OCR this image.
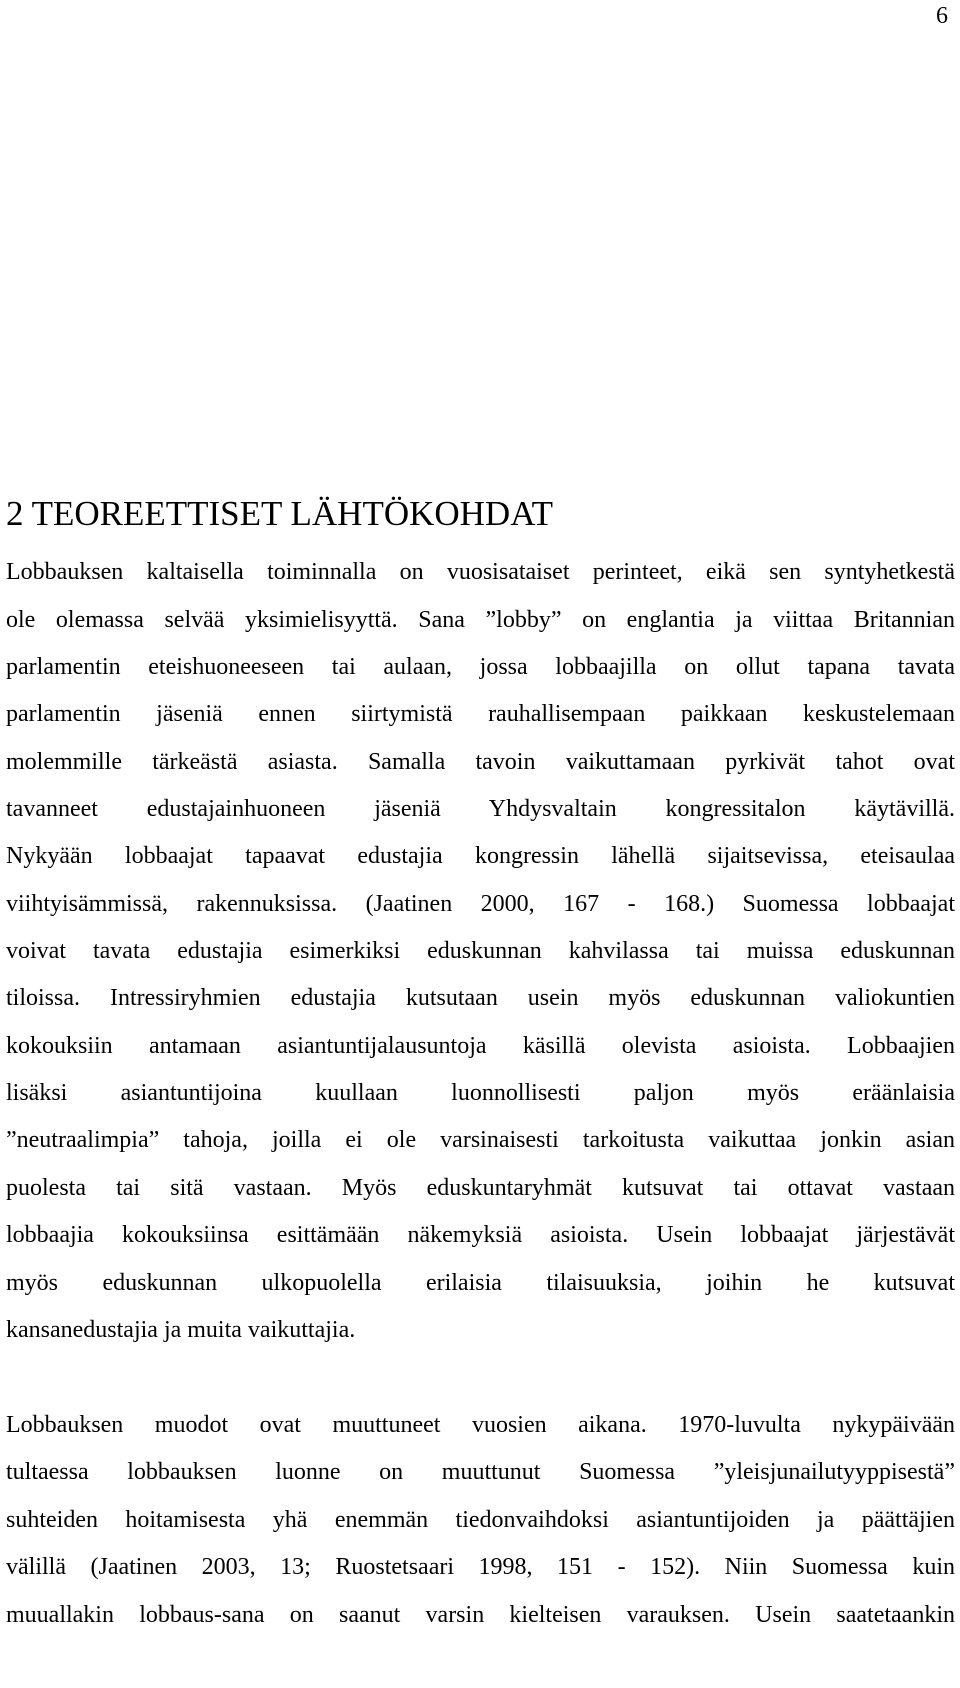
6
2 TEOREETTISET LÄHTÖKOHDAT

Lobbauksen kaltaisella toiminnalla on vuosisataiset perinteet, eikä sen syntyhetkestä

ole olemassa selvää yksimielisyyttä. Sana ”lobby” on englantia ja viittaa Britannian

parlamentin eteishuoneeseen tai aulaan, jossa lobbaajilla on ollut tapana tavata

parlamentin jäseniä ennen siirtymistä rauhallisempaan paikkaan keskustelemaan

molemmille tärkeästä asiasta. Samalla tavoin vaikuttamaan pyrkivät tahot ovat

tavanneet edustajainhuoneen jäseniä Yhdysvaltain kongressitalon käytävillä.

Nykyään lobbaajat tapaavat edustajia kongressin lähellä sijaitsevissa, eteisaulaa

viihtyisämmissä, rakennuksissa. (Jaatinen 2000, 167 - 168.) Suomessa lobbaajat

voivat tavata edustajia esimerkiksi eduskunnan kahvilassa tai muissa eduskunnan

tiloissa. Intressiryhmien edustajia kutsutaan usein myös eduskunnan valiokuntien

kokouksiin antamaan asiantuntijalausuntoja käsillä olevista asioista. Lobbaajien

lisäksi asiantuntijoina kuullaan luonnollisesti paljon myös eräänlaisia

”neutraalimpia” tahoja, joilla ei ole varsinaisesti tarkoitusta vaikuttaa jonkin asian

puolesta tai sitä vastaan. Myös eduskuntaryhmät kutsuvat tai ottavat vastaan

lobbaajia kokouksiinsa esittämään näkemyksiä asioista. Usein lobbaajat järjestävät

myös eduskunnan ulkopuolella erilaisia tilaisuuksia, joihin he kutsuvat

kansanedustajia ja muita vaikuttajia.

Lobbauksen muodot ovat muuttuneet vuosien aikana. 1970-luvulta nykypäivään

tultaessa lobbauksen luonne on muuttunut Suomessa ”yleisjunailutyyppisestä”

suhteiden hoitamisesta yhä enemmän tiedonvaihdoksi asiantuntijoiden ja päättäjien

välillä (Jaatinen 2003, 13; Ruostetsaari 1998, 151 - 152). Niin Suomessa kuin

muuallakin lobbaus-sana on saanut varsin kielteisen varauksen. Usein saatetaankin
